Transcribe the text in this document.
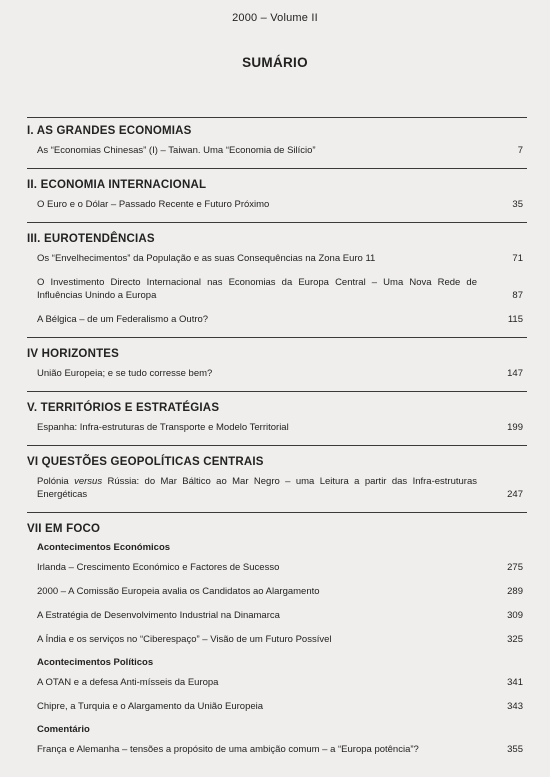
2000 – Volume II
SUMÁRIO
I. AS GRANDES ECONOMIAS
As “Economias Chinesas” (I) – Taiwan. Uma “Economia de Silício”	7
II. ECONOMIA INTERNACIONAL
O Euro e o Dólar – Passado Recente e Futuro Próximo	35
III. EUROTENDÊNCIAS
Os “Envelhecimentos” da População e as suas Consequências na Zona Euro 11	71
O Investimento Directo Internacional nas Economias da Europa Central – Uma Nova Rede de Influências Unindo a Europa	87
A Bélgica – de um Federalismo a Outro?	115
IV HORIZONTES
União Europeia; e se tudo corresse bem?	147
V. TERRITÓRIOS E ESTRATÉGIAS
Espanha: Infra-estruturas de Transporte e Modelo Territorial	199
VI QUESTÕES GEOPOLÍTICAS CENTRAIS
Polónia versus Rússia: do Mar Báltico ao Mar Negro – uma Leitura a partir das Infra-estruturas Energéticas	247
VII EM FOCO
Acontecimentos Económicos
Irlanda – Crescimento Económico e Factores de Sucesso	275
2000 – A Comissão Europeia avalia os Candidatos ao Alargamento	289
A Estratégia de Desenvolvimento Industrial na Dinamarca	309
A Índia e os serviços no “Ciberespaço” – Visão de um Futuro Possível	325
Acontecimentos Políticos
A OTAN e a defesa Anti-mísseis da Europa	341
Chipre, a Turquia e o Alargamento da União Europeia	343
Comentário
França e Alemanha – tensões a propósito de uma ambição comum – a “Europa potência”?	355
